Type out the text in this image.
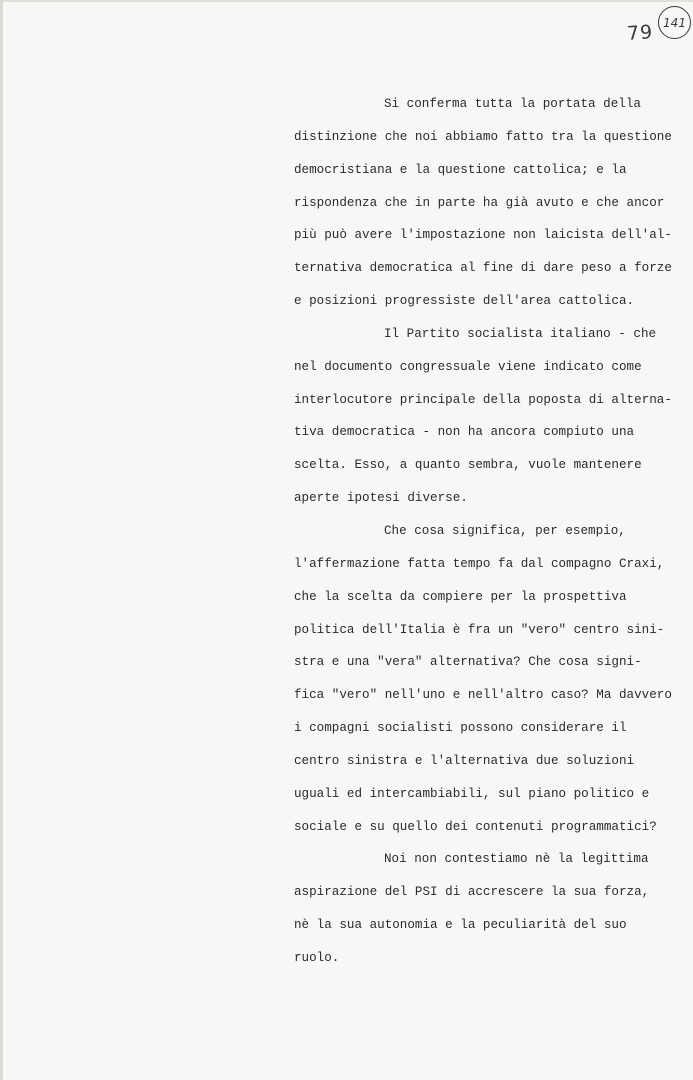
79 141
Si conferma tutta la portata della
distinzione che noi abbiamo fatto tra la questione
democristiana e la questione cattolica; e la
rispondenza che in parte ha già avuto e che ancor
più può avere l'impostazione non laicista dell'al-
ternativa democratica al fine di dare peso a forze
e posizioni progressiste dell'area cattolica.
Il Partito socialista italiano - che
nel documento congressuale viene indicato come
interlocutore principale della poposta di alterna-
tiva democratica - non ha ancora compiuto una
scelta. Esso, a quanto sembra, vuole mantenere
aperte ipotesi diverse.
Che cosa significa, per esempio,
l'affermazione fatta tempo fa dal compagno Craxi,
che la scelta da compiere per la prospettiva
politica dell'Italia è fra un "vero" centro sini-
stra e una "vera" alternativa? Che cosa signi-
fica "vero" nell'uno e nell'altro caso? Ma davvero
i compagni socialisti possono considerare il
centro sinistra e l'alternativa due soluzioni
uguali ed intercambiabili, sul piano politico e
sociale e su quello dei contenuti programmatici?
Noi non contestiamo nè la legittima
aspirazione del PSI di accrescere la sua forza,
nè la sua autonomia e la peculiarità del suo
ruolo.
